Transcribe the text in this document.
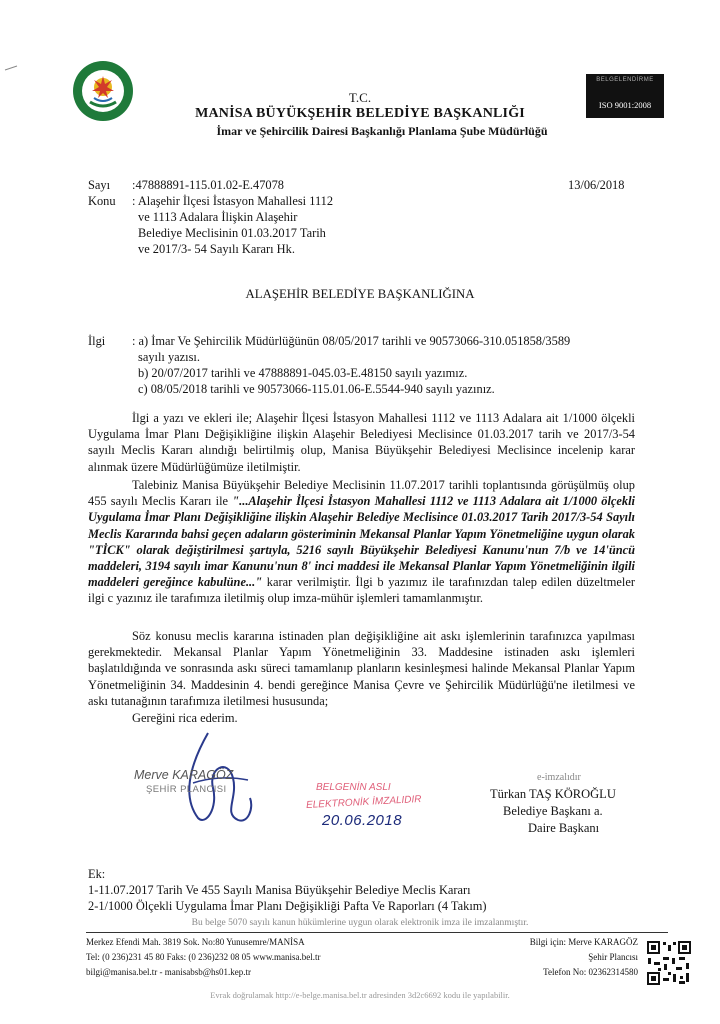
BELGELENDİRME
ISO 9001:2008
T.C.
MANİSA BÜYÜKŞEHİR BELEDİYE BAŞKANLIĞI
İmar ve Şehircilik Dairesi Başkanlığı Planlama Şube Müdürlüğü
Sayı :47888891-115.01.02-E.47078	13/06/2018
Konu : Alaşehir İlçesi İstasyon Mahallesi 1112
ve 1113 Adalara İlişkin Alaşehir
Belediye Meclisinin 01.03.2017 Tarih
ve 2017/3- 54 Sayılı Kararı Hk.
ALAŞEHİR BELEDİYE BAŞKANLIĞINA
İlgi : a) İmar Ve Şehircilik Müdürlüğünün 08/05/2017 tarihli ve 90573066-310.051858/3589
sayılı yazısı.
b) 20/07/2017 tarihli ve 47888891-045.03-E.48150 sayılı yazımız.
c) 08/05/2018 tarihli ve 90573066-115.01.06-E.5544-940 sayılı yazınız.

İlgi a yazı ve ekleri ile; Alaşehir İlçesi İstasyon Mahallesi 1112 ve 1113 Adalara ait 1/1000 ölçekli Uygulama İmar Planı Değişikliğine ilişkin Alaşehir Belediyesi Meclisince 01.03.2017 tarih ve 2017/3-54 sayılı Meclis Kararı alındığı belirtilmiş olup, Manisa Büyükşehir Belediyesi Meclisince incelenip karar alınmak üzere Müdürlüğümüze iletilmiştir.

Talebiniz Manisa Büyükşehir Belediye Meclisinin 11.07.2017 tarihli toplantısında görüşülmüş olup 455 sayılı Meclis Kararı ile "...Alaşehir İlçesi İstasyon Mahallesi 1112 ve 1113 Adalara ait 1/1000 ölçekli Uygulama İmar Planı Değişikliğine ilişkin Alaşehir Belediye Meclisince 01.03.2017 Tarih 2017/3-54 Sayılı Meclis Kararında bahsi geçen adaların gösteriminin Mekansal Planlar Yapım Yönetmeliğine uygun olarak "TİCK" olarak değiştirilmesi şartıyla, 5216 sayılı Büyükşehir Belediyesi Kanunu'nun 7/b ve 14'üncü maddeleri, 3194 sayılı imar Kanunu'nun 8' inci maddesi ile Mekansal Planlar Yapım Yönetmeliğinin ilgili maddeleri gereğince kabulüne..." karar verilmiştir. İlgi b yazımız ile tarafınızdan talep edilen düzeltmeler ilgi c yazınız ile tarafımıza iletilmiş olup imza-mühür işlemleri tamamlanmıştır.

Söz konusu meclis kararına istinaden plan değişikliğine ait askı işlemlerinin tarafınızca yapılması gerekmektedir. Mekansal Planlar Yapım Yönetmeliğinin 33. Maddesine istinaden askı işlemleri başlatıldığında ve sonrasında askı süreci tamamlanıp planların kesinleşmesi halinde Mekansal Planlar Yapım Yönetmeliğinin 34. Maddesinin 4. bendi gereğince Manisa Çevre ve Şehircilik Müdürlüğü'ne iletilmesi ve askı tutanağının tarafımıza iletilmesi hususunda;

Gereğini rica ederim.

Merve KARAGÖZ
ŞEHİR PLANCISI	BELGENİN ASLI
ELEKTRONİK İMZALIDIR
20.06.2018
e-imzalıdır
Türkan TAŞ KÖROĞLU
Belediye Başkanı a.
Daire Başkanı
Ek:
1-11.07.2017 Tarih Ve 455 Sayılı Manisa Büyükşehir Belediye Meclis Kararı
2-1/1000 Ölçekli Uygulama İmar Planı Değişikliği Pafta Ve Raporları (4 Takım)
Bu belge 5070 sayılı kanun hükümlerine uygun olarak elektronik imza ile imzalanmıştır.
Merkez Efendi Mah. 3819 Sok. No:80 Yunusemre/MANİSA
Tel: (0 236)231 45 80 Faks: (0 236)232 08 05 www.manisa.bel.tr
bilgi@manisa.bel.tr - manisabsb@hs01.kep.tr
Bilgi için: Merve KARAGÖZ
Şehir Plancısı
Telefon No: 02362314580
Evrak doğrulamak http://e-belge.manisa.bel.tr adresinden 3d2c6692 kodu ile yapılabilir.
